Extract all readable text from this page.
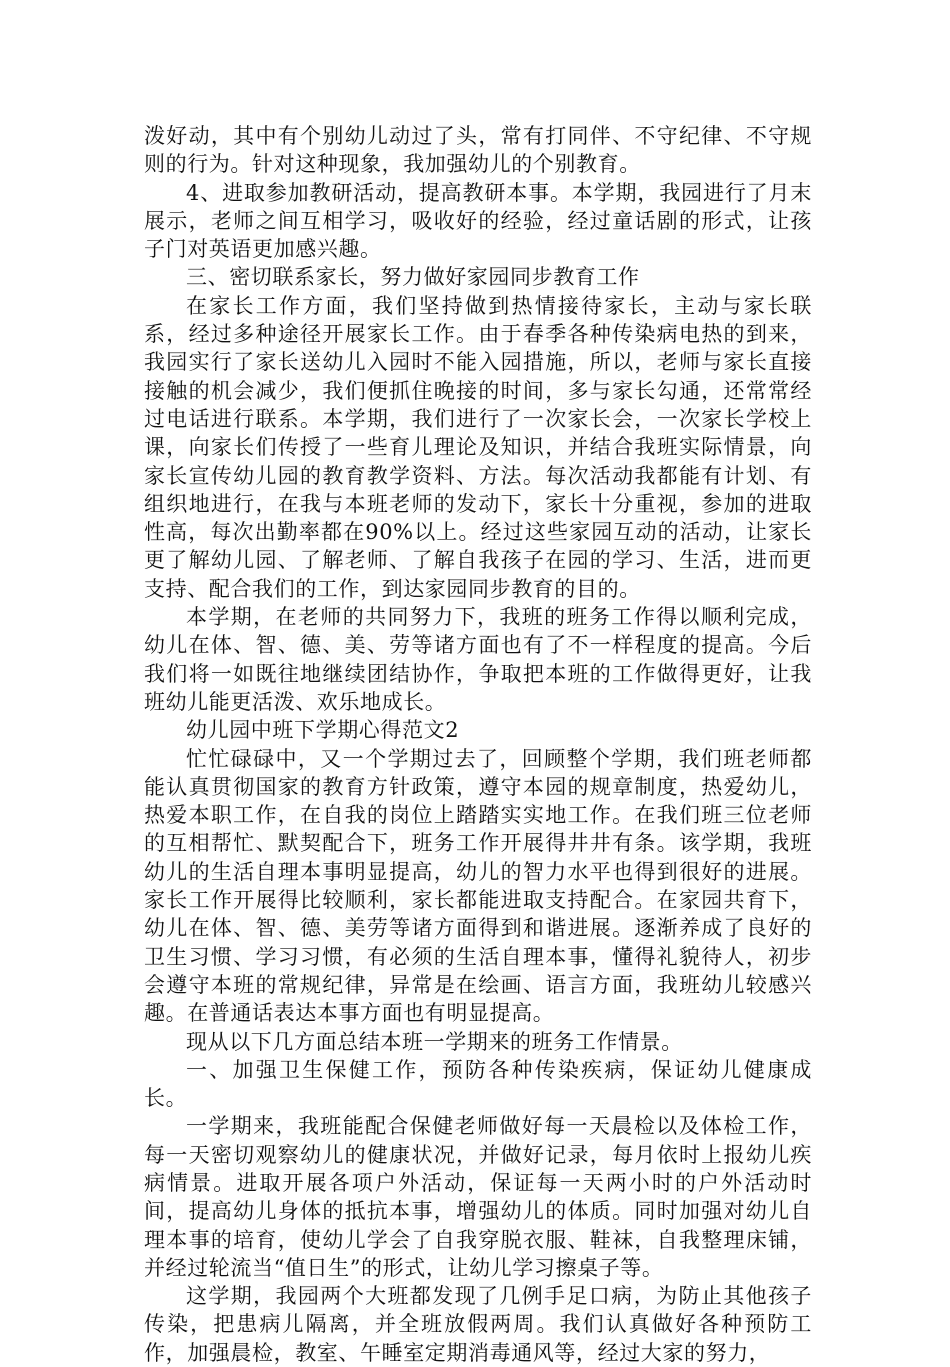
泼好动，其中有个别幼儿动过了头，常有打同伴、不守纪律、不守规则的行为。针对这种现象，我加强幼儿的个别教育。

4、进取参加教研活动，提高教研本事。本学期，我园进行了月末展示，老师之间互相学习，吸收好的经验，经过童话剧的形式，让孩子门对英语更加感兴趣。

三、密切联系家长，努力做好家园同步教育工作

在家长工作方面，我们坚持做到热情接待家长，主动与家长联系，经过多种途径开展家长工作。由于春季各种传染病电热的到来，我园实行了家长送幼儿入园时不能入园措施，所以，老师与家长直接接触的机会减少，我们便抓住晚接的时间，多与家长勾通，还常常经过电话进行联系。本学期，我们进行了一次家长会，一次家长学校上课，向家长们传授了一些育儿理论及知识，并结合我班实际情景，向家长宣传幼儿园的教育教学资料、方法。每次活动我都能有计划、有组织地进行，在我与本班老师的发动下，家长十分重视，参加的进取性高，每次出勤率都在90%以上。经过这些家园互动的活动，让家长更了解幼儿园、了解老师、了解自我孩子在园的学习、生活，进而更支持、配合我们的工作，到达家园同步教育的目的。

本学期，在老师的共同努力下，我班的班务工作得以顺利完成，幼儿在体、智、德、美、劳等诸方面也有了不一样程度的提高。今后我们将一如既往地继续团结协作，争取把本班的工作做得更好，让我班幼儿能更活泼、欢乐地成长。

幼儿园中班下学期心得范文2

忙忙碌碌中，又一个学期过去了，回顾整个学期，我们班老师都能认真贯彻国家的教育方针政策，遵守本园的规章制度，热爱幼儿，热爱本职工作，在自我的岗位上踏踏实实地工作。在我们班三位老师的互相帮忙、默契配合下，班务工作开展得井井有条。该学期，我班幼儿的生活自理本事明显提高，幼儿的智力水平也得到很好的进展。家长工作开展得比较顺利，家长都能进取支持配合。在家园共育下，幼儿在体、智、德、美劳等诸方面得到和谐进展。逐渐养成了良好的卫生习惯、学习习惯，有必须的生活自理本事，懂得礼貌待人，初步会遵守本班的常规纪律，异常是在绘画、语言方面，我班幼儿较感兴趣。在普通话表达本事方面也有明显提高。

现从以下几方面总结本班一学期来的班务工作情景。

一、加强卫生保健工作，预防各种传染疾病，保证幼儿健康成长。

一学期来，我班能配合保健老师做好每一天晨检以及体检工作，每一天密切观察幼儿的健康状况，并做好记录，每月依时上报幼儿疾病情景。进取开展各项户外活动，保证每一天两小时的户外活动时间，提高幼儿身体的抵抗本事，增强幼儿的体质。同时加强对幼儿自理本事的培育，使幼儿学会了自我穿脱衣服、鞋袜，自我整理床铺，并经过轮流当“值日生”的形式，让幼儿学习擦桌子等。

这学期，我园两个大班都发现了几例手足口病，为防止其他孩子传染，把患病儿隔离，并全班放假两周。我们认真做好各种预防工作，加强晨检，教室、午睡室定期消毒通风等，经过大家的努力，
